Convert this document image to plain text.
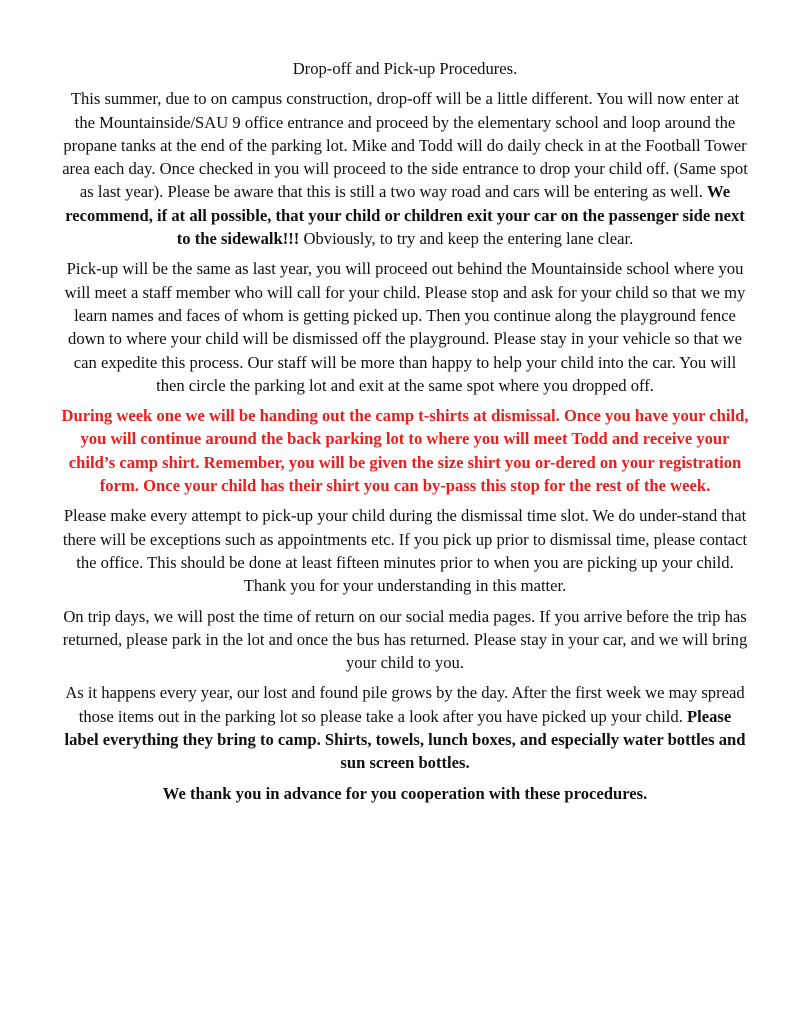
Drop-off and Pick-up Procedures.

This summer, due to on campus construction, drop-off will be a little different. You will now enter at the Mountainside/SAU 9 office entrance and proceed by the elementary school and loop around the propane tanks at the end of the parking lot. Mike and Todd will do daily check in at the Football Tower area each day. Once checked in you will proceed to the side entrance to drop your child off. (Same spot as last year). Please be aware that this is still a two way road and cars will be entering as well. We recommend, if at all possible, that your child or children exit your car on the passenger side next to the sidewalk!!! Obviously, to try and keep the entering lane clear.

Pick-up will be the same as last year, you will proceed out behind the Mountainside school where you will meet a staff member who will call for your child. Please stop and ask for your child so that we my learn names and faces of whom is getting picked up. Then you continue along the playground fence down to where your child will be dismissed off the playground. Please stay in your vehicle so that we can expedite this process. Our staff will be more than happy to help your child into the car. You will then circle the parking lot and exit at the same spot where you dropped off.

During week one we will be handing out the camp t-shirts at dismissal. Once you have your child, you will continue around the back parking lot to where you will meet Todd and receive your child’s camp shirt. Remember, you will be given the size shirt you or-dered on your registration form. Once your child has their shirt you can by-pass this stop for the rest of the week.

Please make every attempt to pick-up your child during the dismissal time slot. We do under-stand that there will be exceptions such as appointments etc. If you pick up prior to dismissal time, please contact the office. This should be done at least fifteen minutes prior to when you are picking up your child. Thank you for your understanding in this matter.

On trip days, we will post the time of return on our social media pages. If you arrive before the trip has returned, please park in the lot and once the bus has returned. Please stay in your car, and we will bring your child to you.

As it happens every year, our lost and found pile grows by the day. After the first week we may spread those items out in the parking lot so please take a look after you have picked up your child. Please label everything they bring to camp. Shirts, towels, lunch boxes, and especially water bottles and sun screen bottles.

We thank you in advance for you cooperation with these procedures.
